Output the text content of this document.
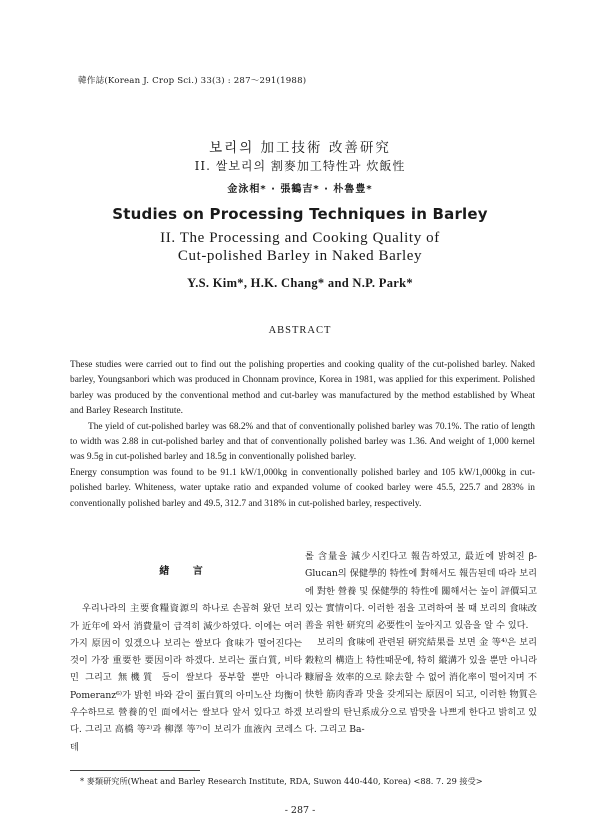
韓作誌(Korean J. Crop Sci.) 33(3) : 287～291(1988)
보리의 加工技術 改善研究
II. 쌀보리의 割麥加工特性과 炊飯性
金泳相* · 張鶴吉* · 朴魯豊*
Studies on Processing Techniques in Barley
II. The Processing and Cooking Quality of
Cut-polished Barley in Naked Barley
Y.S. Kim*, H.K. Chang* and N.P. Park*
ABSTRACT

These studies were carried out to find out the polishing properties and cooking quality of the cut-polished barley. Naked barley, Youngsanbori which was produced in Chonnam province, Korea in 1981, was applied for this experiment. Polished barley was produced by the conventional method and cut-barley was manufactured by the method established by Wheat and Barley Research Institute.

The yield of cut-polished barley was 68.2% and that of conventionally polished barley was 70.1%. The ratio of length to width was 2.88 in cut-polished barley and that of conventionally polished barley was 1.36. And weight of 1,000 kernel was 9.5g in cut-polished barley and 18.5g in conventionally polished barley.

Energy consumption was found to be 91.1 kW/1,000kg in conventionally polished barley and 105 kW/1,000kg in cut-polished barley. Whiteness, water uptake ratio and expanded volume of cooked barley were 45.5, 225.7 and 283% in conventionally polished barley and 49.5, 312.7 and 318% in cut-polished barley, respectively.

緖 言

우리나라의 主要食糧資源의 하나로 손꼽혀 왔던 보리가 近年에 와서 消費量이 급격히 減少하였다. 이에는 여러가지 原因이 있겠으나 보리는 쌀보다 食味가 떨어진다는 것이 가장 重要한 要因이라 하겠다. 보리는 蛋白質, 비타민 그리고 無機質 등이 쌀보다 풍부할 뿐만 아니라 Pomeranz⁶⁾가 밝힌 바와 같이 蛋白質의 아미노산 均衡이 우수하므로 營養的인 面에서는 쌀보다 앞서 있다고 하겠다. 그리고 高橋 等²⁾과 柳澤 等⁷⁾이 보리가 血液內 코레스테

롤 含量을 減少시킨다고 報告하였고, 最近에 밝혀진 β-Glucan의 保健學的 特性에 對해서도 報告된데 따라 보리에 對한 營養 및 保健學的 特性에 關해서는 높이 評價되고 있는 實情이다. 이러한 점을 고려하여 볼 때 보리의 食味改善을 위한 研究의 必要性이 높아지고 있음을 알 수 있다.

보리의 食味에 관련된 研究結果를 보면 金 等⁴⁾은 보리穀粒의 構造上 特性때문에, 特히 縱溝가 있을 뿐만 아니라 糠層을 效率的으로 除去할 수 없어 消化率이 떨어지며 不快한 筋肉香과 맛을 갖게되는 原因이 되고, 이러한 物質은 보리쌀의 탄닌系成分으로 밥맛을 나쁘게 한다고 밝히고 있다. 그리고 Ba-

* 麥類研究所(Wheat and Barley Research Institute, RDA, Suwon 440-440, Korea) <88. 7. 29 接受>
- 287 -
